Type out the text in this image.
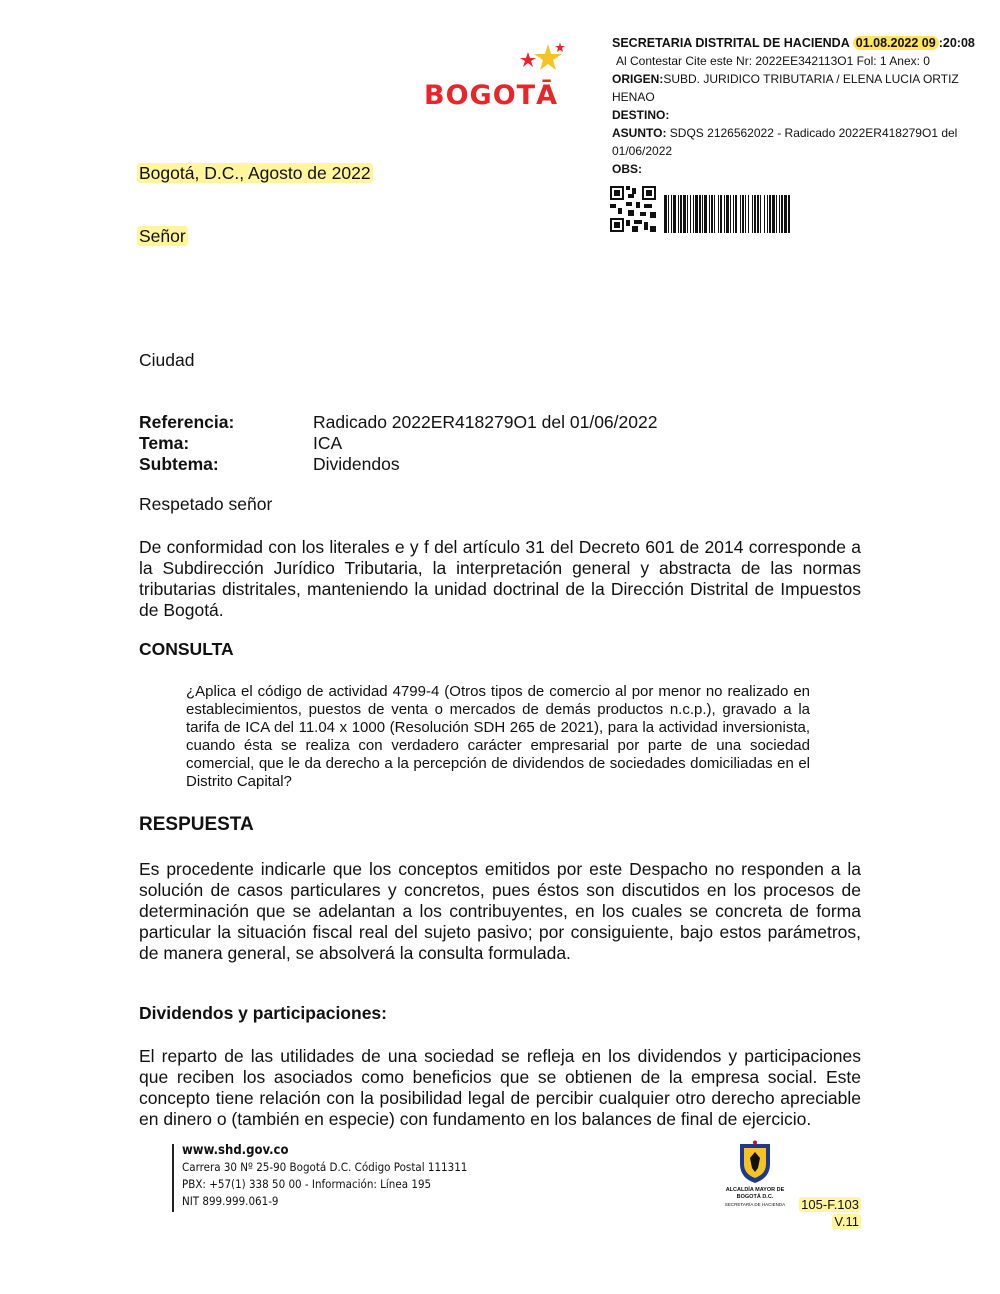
BOGOTĀ
SECRETARIA DISTRITAL DE HACIENDA 01.08.2022 09 :20:08
Al Contestar Cite este Nr: 2022EE342113O1 Fol: 1 Anex: 0
ORIGEN:SUBD. JURIDICO TRIBUTARIA / ELENA LUCIA ORTIZ HENAO
DESTINO:
ASUNTO: SDQS 2126562022 - Radicado 2022ER418279O1 del 01/06/2022
OBS:
Bogotá, D.C., Agosto de 2022
Señor
Ciudad
Referencia:	Radicado 2022ER418279O1 del 01/06/2022
Tema:	ICA
Subtema:	Dividendos
Respetado señor
De conformidad con los literales e y f del artículo 31 del Decreto 601 de 2014 corresponde a la Subdirección Jurídico Tributaria, la interpretación general y abstracta de las normas tributarias distritales, manteniendo la unidad doctrinal de la Dirección Distrital de Impuestos de Bogotá.
CONSULTA
¿Aplica el código de actividad 4799-4 (Otros tipos de comercio al por menor no realizado en establecimientos, puestos de venta o mercados de demás productos n.c.p.), gravado a la tarifa de ICA del 11.04 x 1000 (Resolución SDH 265 de 2021), para la actividad inversionista, cuando ésta se realiza con verdadero carácter empresarial por parte de una sociedad comercial, que le da derecho a la percepción de dividendos de sociedades domiciliadas en el Distrito Capital?
RESPUESTA
Es procedente indicarle que los conceptos emitidos por este Despacho no responden a la solución de casos particulares y concretos, pues éstos son discutidos en los procesos de determinación que se adelantan a los contribuyentes, en los cuales se concreta de forma particular la situación fiscal real del sujeto pasivo; por consiguiente, bajo estos parámetros, de manera general, se absolverá la consulta formulada.
Dividendos y participaciones:
El reparto de las utilidades de una sociedad se refleja en los dividendos y participaciones que reciben los asociados como beneficios que se obtienen de la empresa social. Este concepto tiene relación con la posibilidad legal de percibir cualquier otro derecho apreciable en dinero o (también en especie) con fundamento en los balances de final de ejercicio.
www.shd.gov.co
Carrera 30 Nº 25-90 Bogotá D.C. Código Postal 111311
PBX: +57(1) 338 50 00 - Información: Línea 195
NIT 899.999.061-9
ALCALDÍA MAYOR DE BOGOTÁ D.C.
SECRETARÍA DE HACIENDA 105-F.103
V.11
